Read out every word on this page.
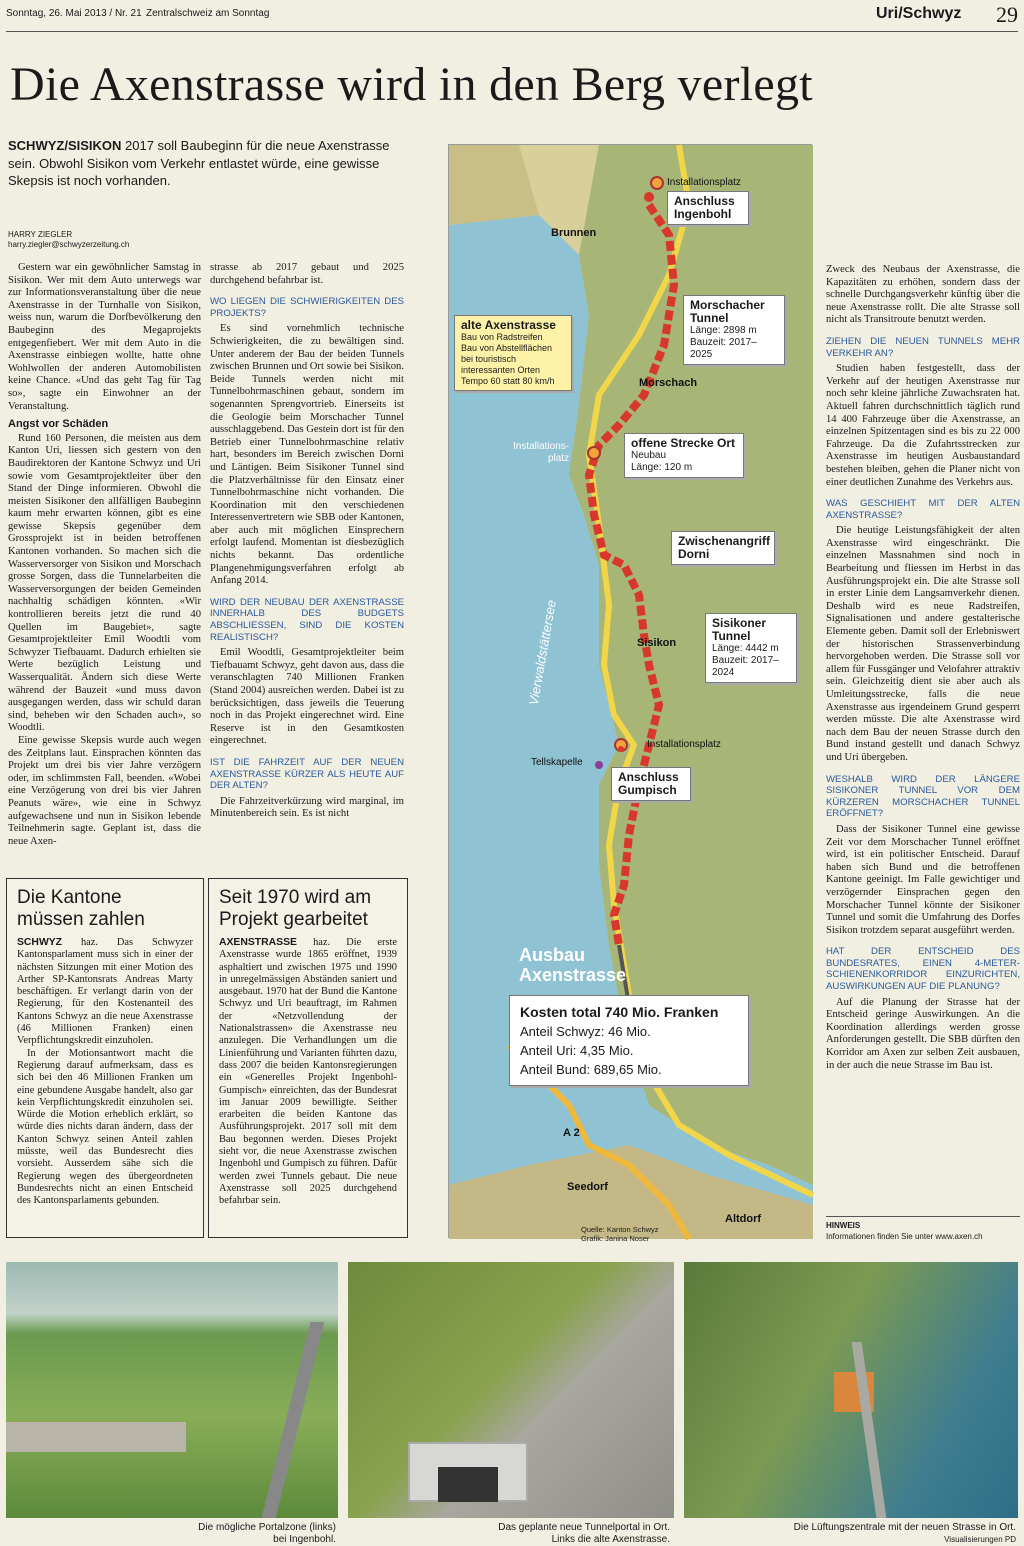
Sonntag, 26. Mai 2013 / Nr. 21 Zentralschweiz am Sonntag	Uri/Schwyz 29
Die Axenstrasse wird in den Berg verlegt
SCHWYZ/SISIKON 2017 soll Baubeginn für die neue Axenstrasse sein. Obwohl Sisikon vom Verkehr entlastet würde, eine gewisse Skepsis ist noch vorhanden.
HARRY ZIEGLER
harry.ziegler@schwyzerzeitung.ch

Gestern war ein gewöhnlicher Samstag in Sisikon. Wer mit dem Auto unterwegs war zur Informationsveranstaltung über die neue Axenstrasse in der Turnhalle von Sisikon, weiss nun, warum die Dorfbevölkerung den Baubeginn des Megaprojekts entgegenfiebert. Wer mit dem Auto in die Axenstrasse einbiegen wollte, hatte ohne Wohlwollen der anderen Automobilisten keine Chance. «Und das geht Tag für Tag so», sagte ein Einwohner an der Veranstaltung.

Angst vor Schäden

Rund 160 Personen, die meisten aus dem Kanton Uri, liessen sich gestern von den Baudirektoren der Kantone Schwyz und Uri sowie vom Gesamtprojektleiter über den Stand der Dinge informieren. Obwohl die meisten Sisikoner den allfälligen Baubeginn kaum mehr erwarten können, gibt es eine gewisse Skepsis gegenüber dem Grossprojekt ist in beiden betroffenen Kantonen vorhanden. So machen sich die Wasserversorger von Sisikon und Morschach grosse Sorgen, dass die Tunnelarbeiten die Wasserversorgungen der beiden Gemeinden nachhaltig schädigen könnten. «Wir kontrollieren bereits jetzt die rund 40 Quellen im Baugebiet», sagte Gesamtprojektleiter Emil Woodtli vom Schwyzer Tiefbauamt. Dadurch erhielten sie Werte bezüglich Leistung und Wasserqualität. Ändern sich diese Werte während der Bauzeit «und muss davon ausgegangen werden, dass wir schuld daran sind, beheben wir den Schaden auch», so Woodtli.

Eine gewisse Skepsis wurde auch wegen des Zeitplans laut. Einsprachen könnten das Projekt um drei bis vier Jahre verzögern oder, im schlimmsten Fall, beenden. «Wobei eine Verzögerung von drei bis vier Jahren Peanuts wäre», wie eine in Schwyz aufgewachsene und nun in Sisikon lebende Teilnehmerin sagte. Geplant ist, dass die neue Axen-

strasse ab 2017 gebaut und 2025 durchgehend befahrbar ist.

WO LIEGEN DIE SCHWIERIGKEITEN DES PROJEKTS?

Es sind vornehmlich technische Schwierigkeiten, die zu bewältigen sind. Unter anderem der Bau der beiden Tunnels zwischen Brunnen und Ort sowie bei Sisikon. Beide Tunnels werden nicht mit Tunnelbohrmaschinen gebaut, sondern im sogenannten Sprengvortrieb. Einerseits ist die Geologie beim Morschacher Tunnel ausschlaggebend. Das Gestein dort ist für den Betrieb einer Tunnelbohrmaschine relativ hart, besonders im Bereich zwischen Dorni und Läntigen. Beim Sisikoner Tunnel sind die Platzverhältnisse für den Einsatz einer Tunnelbohrmaschine nicht vorhanden. Die Koordination mit den verschiedenen Interessenvertretern wie SBB oder Kantonen, aber auch mit möglichen Einsprechern erfolgt laufend. Momentan ist diesbezüglich nichts bekannt. Das ordentliche Plangenehmigungsverfahren erfolgt ab Anfang 2014.

WIRD DER NEUBAU DER AXENSTRASSE INNERHALB DES BUDGETS ABSCHLIESSEN, SIND DIE KOSTEN REALISTISCH?

Emil Woodtli, Gesamtprojektleiter beim Tiefbauamt Schwyz, geht davon aus, dass die veranschlagten 740 Millionen Franken (Stand 2004) ausreichen werden. Dabei ist zu berücksichtigen, dass jeweils die Teuerung noch in das Projekt eingerechnet wird. Eine Reserve ist in den Gesamtkosten eingerechnet.

IST DIE FAHRZEIT AUF DER NEUEN AXENSTRASSE KÜRZER ALS HEUTE AUF DER ALTEN?

Die Fahrzeitverkürzung wird marginal, im Minutenbereich sein. Es ist nicht

Die Kantone müssen zahlen

SCHWYZ haz. Das Schwyzer Kantonsparlament muss sich in einer der nächsten Sitzungen mit einer Motion des Arther SP-Kantonsrats Andreas Marty beschäftigen. Er verlangt darin von der Regierung, für den Kostenanteil des Kantons Schwyz an die neue Axenstrasse (46 Millionen Franken) einen Verpflichtungskredit einzuholen.

In der Motionsantwort macht die Regierung darauf aufmerksam, dass es sich bei den 46 Millionen Franken um eine gebundene Ausgabe handelt, also gar kein Verpflichtungskredit einzuholen sei. Würde die Motion erheblich erklärt, so würde dies nichts daran ändern, dass der Kanton Schwyz seinen Anteil zahlen müsste, weil das Bundesrecht dies vorsieht. Ausserdem sähe sich die Regierung wegen des übergeordneten Bundesrechts nicht an einen Entscheid des Kantonsparlaments gebunden.

Seit 1970 wird am Projekt gearbeitet

AXENSTRASSE haz. Die erste Axenstrasse wurde 1865 eröffnet, 1939 asphaltiert und zwischen 1975 und 1990 in unregelmässigen Abständen saniert und ausgebaut. 1970 hat der Bund die Kantone Schwyz und Uri beauftragt, im Rahmen der «Netzvollendung der Nationalstrassen» die Axenstrasse neu anzulegen. Die Verhandlungen um die Linienführung und Varianten führten dazu, dass 2007 die beiden Kantonsregierungen ein «Generelles Projekt Ingenbohl-Gumpisch» einreichten, das der Bundesrat im Januar 2009 bewilligte. Seither erarbeiten die beiden Kantone das Ausführungsprojekt. 2017 soll mit dem Bau begonnen werden. Dieses Projekt sieht vor, die neue Axenstrasse zwischen Ingenbohl und Gumpisch zu führen. Dafür werden zwei Tunnels gebaut. Die neue Axenstrasse soll 2025 durchgehend befahrbar sein.

Installationsplatz
Anschluss Ingenbohl
Brunnen
Morschacher Tunnel
Länge: 2898 m
Bauzeit: 2017–2025
alte Axenstrasse
Bau von Radstreifen
Bau von Abstellflächen bei touristisch interessanten Orten
Tempo 60 statt 80 km/h	Morschach
Installations-
platz
offene Strecke Ort
Neubau
Länge: 120 m
Zwischenangriff Dorni
Vierwaldstättersee	Sisikon
Sisikoner Tunnel
Länge: 4442 m
Bauzeit: 2017–2024
Installationsplatz
Tellskapelle
Anschluss Gumpisch
Ausbau Axenstrasse
Kosten total 740 Mio. Franken
Anteil Schwyz: 46 Mio.
Anteil Uri: 4,35 Mio.
Anteil Bund: 689,65 Mio.
A 2
Seedorf
Altdorf
Quelle: Kanton Schwyz
Grafik: Janina Noser

Zweck des Neubaus der Axenstrasse, die Kapazitäten zu erhöhen, sondern dass der schnelle Durchgangsverkehr künftig über die neue Axenstrasse rollt. Die alte Strasse soll nicht als Transitroute benutzt werden.

ZIEHEN DIE NEUEN TUNNELS MEHR VERKEHR AN?

Studien haben festgestellt, dass der Verkehr auf der heutigen Axenstrasse nur noch sehr kleine jährliche Zuwachsraten hat. Aktuell fahren durchschnittlich täglich rund 14 400 Fahrzeuge über die Axenstrasse, an einzelnen Spitzentagen sind es bis zu 22 000 Fahrzeuge. Da die Zufahrtsstrecken zur Axenstrasse im heutigen Ausbaustandard bestehen bleiben, gehen die Planer nicht von einer deutlichen Zunahme des Verkehrs aus.

WAS GESCHIEHT MIT DER ALTEN AXENSTRASSE?

Die heutige Leistungsfähigkeit der alten Axenstrasse wird eingeschränkt. Die einzelnen Massnahmen sind noch in Bearbeitung und fliessen im Herbst in das Ausführungsprojekt ein. Die alte Strasse soll in erster Linie dem Langsamverkehr dienen. Deshalb wird es neue Radstreifen, Signalisationen und andere gestalterische Elemente geben. Damit soll der Erlebniswert der historischen Strassenverbindung hervorgehoben werden. Die Strasse soll vor allem für Fussgänger und Velofahrer attraktiv sein. Gleichzeitig dient sie aber auch als Umleitungsstrecke, falls die neue Axenstrasse aus irgendeinem Grund gesperrt werden müsste. Die alte Axenstrasse wird nach dem Bau der neuen Strasse durch den Bund instand gestellt und danach Schwyz und Uri übergeben.

WESHALB WIRD DER LÄNGERE SISIKONER TUNNEL VOR DEM KÜRZEREN MORSCHACHER TUNNEL ERÖFFNET?

Dass der Sisikoner Tunnel eine gewisse Zeit vor dem Morschacher Tunnel eröffnet wird, ist ein politischer Entscheid. Darauf haben sich Bund und die betroffenen Kantone geeinigt. Im Falle gewichtiger und verzögernder Einsprachen gegen den Morschacher Tunnel könnte der Sisikoner Tunnel und somit die Umfahrung des Dorfes Sisikon trotzdem separat ausgeführt werden.

HAT DER ENTSCHEID DES BUNDESRATES, EINEN 4-METER-SCHIENENKORRIDOR EINZURICHTEN, AUSWIRKUNGEN AUF DIE PLANUNG?

Auf die Planung der Strasse hat der Entscheid geringe Auswirkungen. An die Koordination allerdings werden grosse Anforderungen gestellt. Die SBB dürften den Korridor am Axen zur selben Zeit ausbauen, in der auch die neue Strasse im Bau ist.

HINWEIS
Informationen finden Sie unter www.axen.ch
Die mögliche Portalzone (links)
bei Ingenbohl.
Das geplante neue Tunnelportal in Ort.
Links die alte Axenstrasse.
Die Lüftungszentrale mit der neuen Strasse in Ort.
Visualisierungen PD
